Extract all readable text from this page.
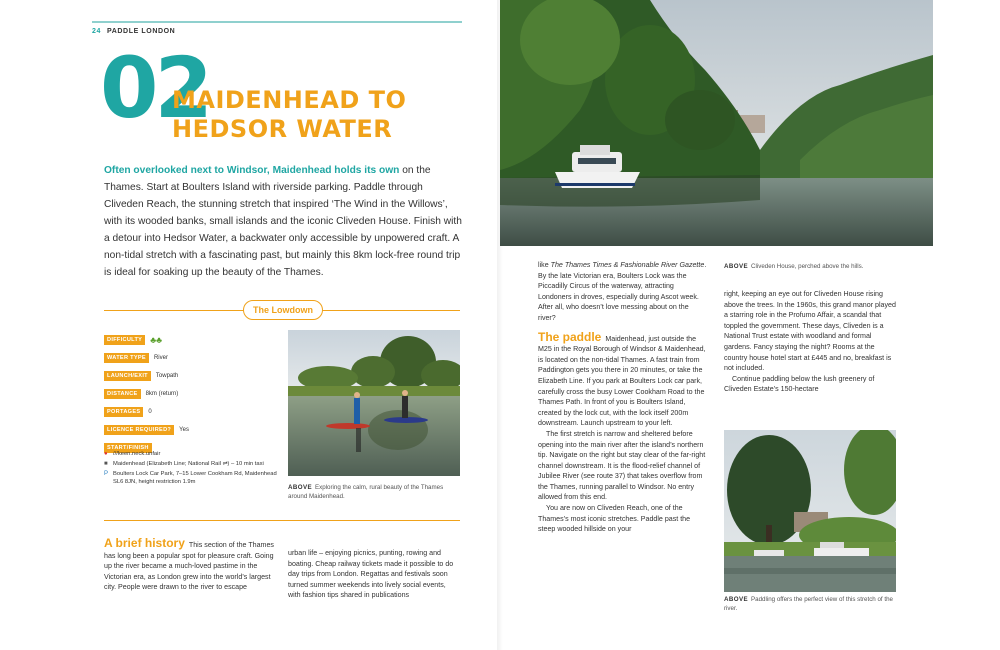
24 PADDLE LONDON
02
MAIDENHEAD TO
HEDSOR WATER
Often overlooked next to Windsor, Maidenhead holds its own on the Thames. Start at Boulters Island with riverside parking. Paddle through Cliveden Reach, the stunning stretch that inspired ‘The Wind in the Willows’, with its wooded banks, small islands and the iconic Cliveden House. Finish with a detour into Hedsor Water, a backwater only accessible by unpowered craft. A non-tidal stretch with a fascinating past, but mainly this 8km lock-free round trip is ideal for soaking up the beauty of the Thames.
The Lowdown
DIFFICULTY ♣♣
WATER TYPE	River
LAUNCH/EXIT	Towpath
DISTANCE	8km (return)
PORTAGES	0
LICENCE REQUIRED?	Yes
START/FINISH
● ///keen.neck.unfair
■ Maidenhead (Elizabeth Line; National Rail ⇌) – 10 min taxi
P Boulters Lock Car Park, 7–15 Lower Cookham Rd, Maidenhead SL6 8JN, height restriction 1.9m
ABOVE Exploring the calm, rural beauty of the Thames around Maidenhead.
A brief history This section of the Thames has long been a popular spot for pleasure craft. Going up the river became a much-loved pastime in the Victorian era, as London grew into the world’s largest city. People were drawn to the river to escape
urban life – enjoying picnics, punting, rowing and boating. Cheap railway tickets made it possible to do day trips from London. Regattas and festivals soon turned summer weekends into lively social events, with fashion tips shared in publications

like The Thames Times & Fashionable River Gazette. By the late Victorian era, Boulters Lock was the Piccadilly Circus of the waterway, attracting Londoners in droves, especially during Ascot week. After all, who doesn’t love messing about on the river?

The paddle Maidenhead, just outside the M25 in the Royal Borough of Windsor & Maidenhead, is located on the non-tidal Thames. A fast train from Paddington gets you there in 20 minutes, or take the Elizabeth Line. If you park at Boulters Lock car park, carefully cross the busy Lower Cookham Road to the Thames Path. In front of you is Boulters Island, created by the lock cut, with the lock itself 200m downstream. Launch upstream to your left.

The first stretch is narrow and sheltered before opening into the main river after the island’s northern tip. Navigate on the right but stay clear of the far-right channel downstream. It is the flood-relief channel of Jubilee River (see route 37) that takes overflow from the Thames, running parallel to Windsor. No entry allowed from this end.

You are now on Cliveden Reach, one of the Thames’s most iconic stretches. Paddle past the steep wooded hillside on your

ABOVE Cliveden House, perched above the hills.
right, keeping an eye out for Cliveden House rising above the trees. In the 1960s, this grand manor played a starring role in the Profumo Affair, a scandal that toppled the government. These days, Cliveden is a National Trust estate with woodland and formal gardens. Fancy staying the night? Rooms at the country house hotel start at £445 and no, breakfast is not included.
Continue paddling below the lush greenery of Cliveden Estate’s 150-hectare
ABOVE Paddling offers the perfect view of this stretch of the river.
